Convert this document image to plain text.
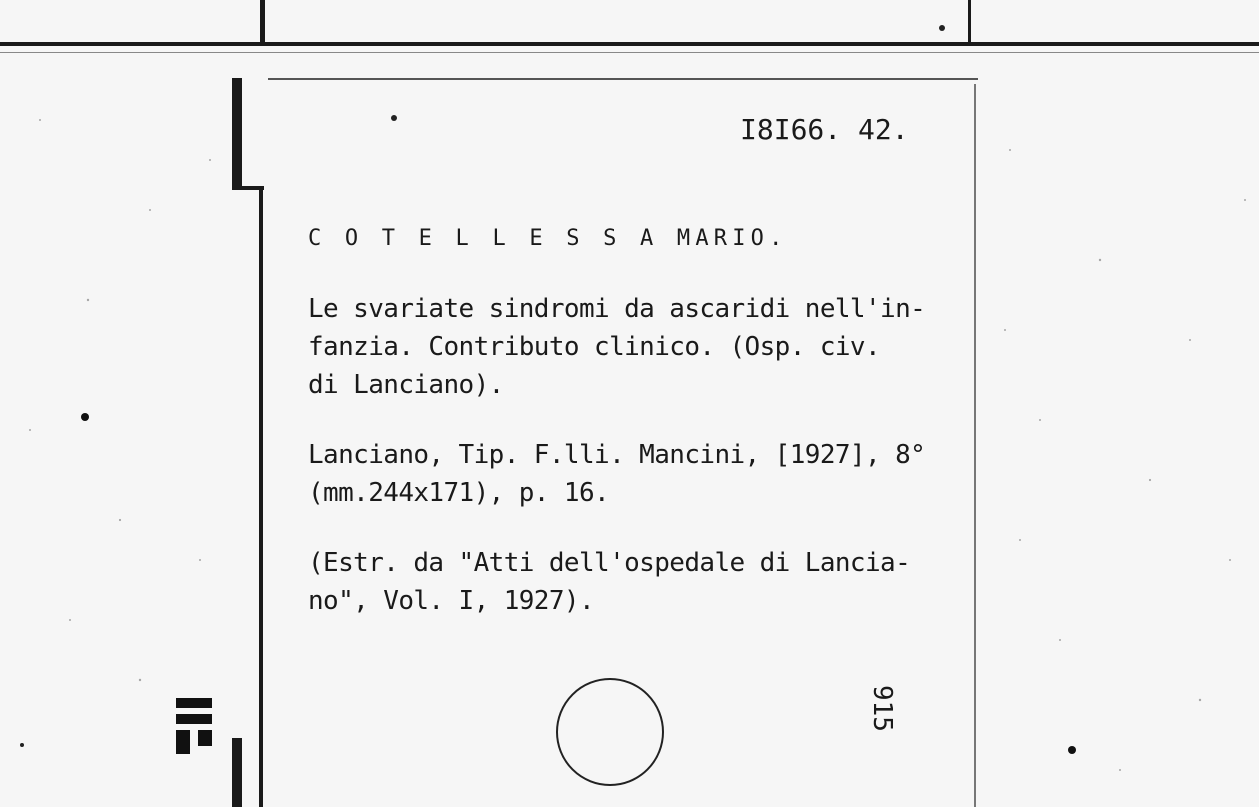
I8I66. 42.
C O T E L L E S S A MARIO.
Le svariate sindromi da ascaridi nell'in-
fanzia. Contributo clinico. (Osp. civ.
di Lanciano).
Lanciano, Tip. F.lli. Mancini, [1927], 8°
(mm.244x171), p. 16.
(Estr. da "Atti dell'ospedale di Lancia-
no", Vol. I, 1927).
915
